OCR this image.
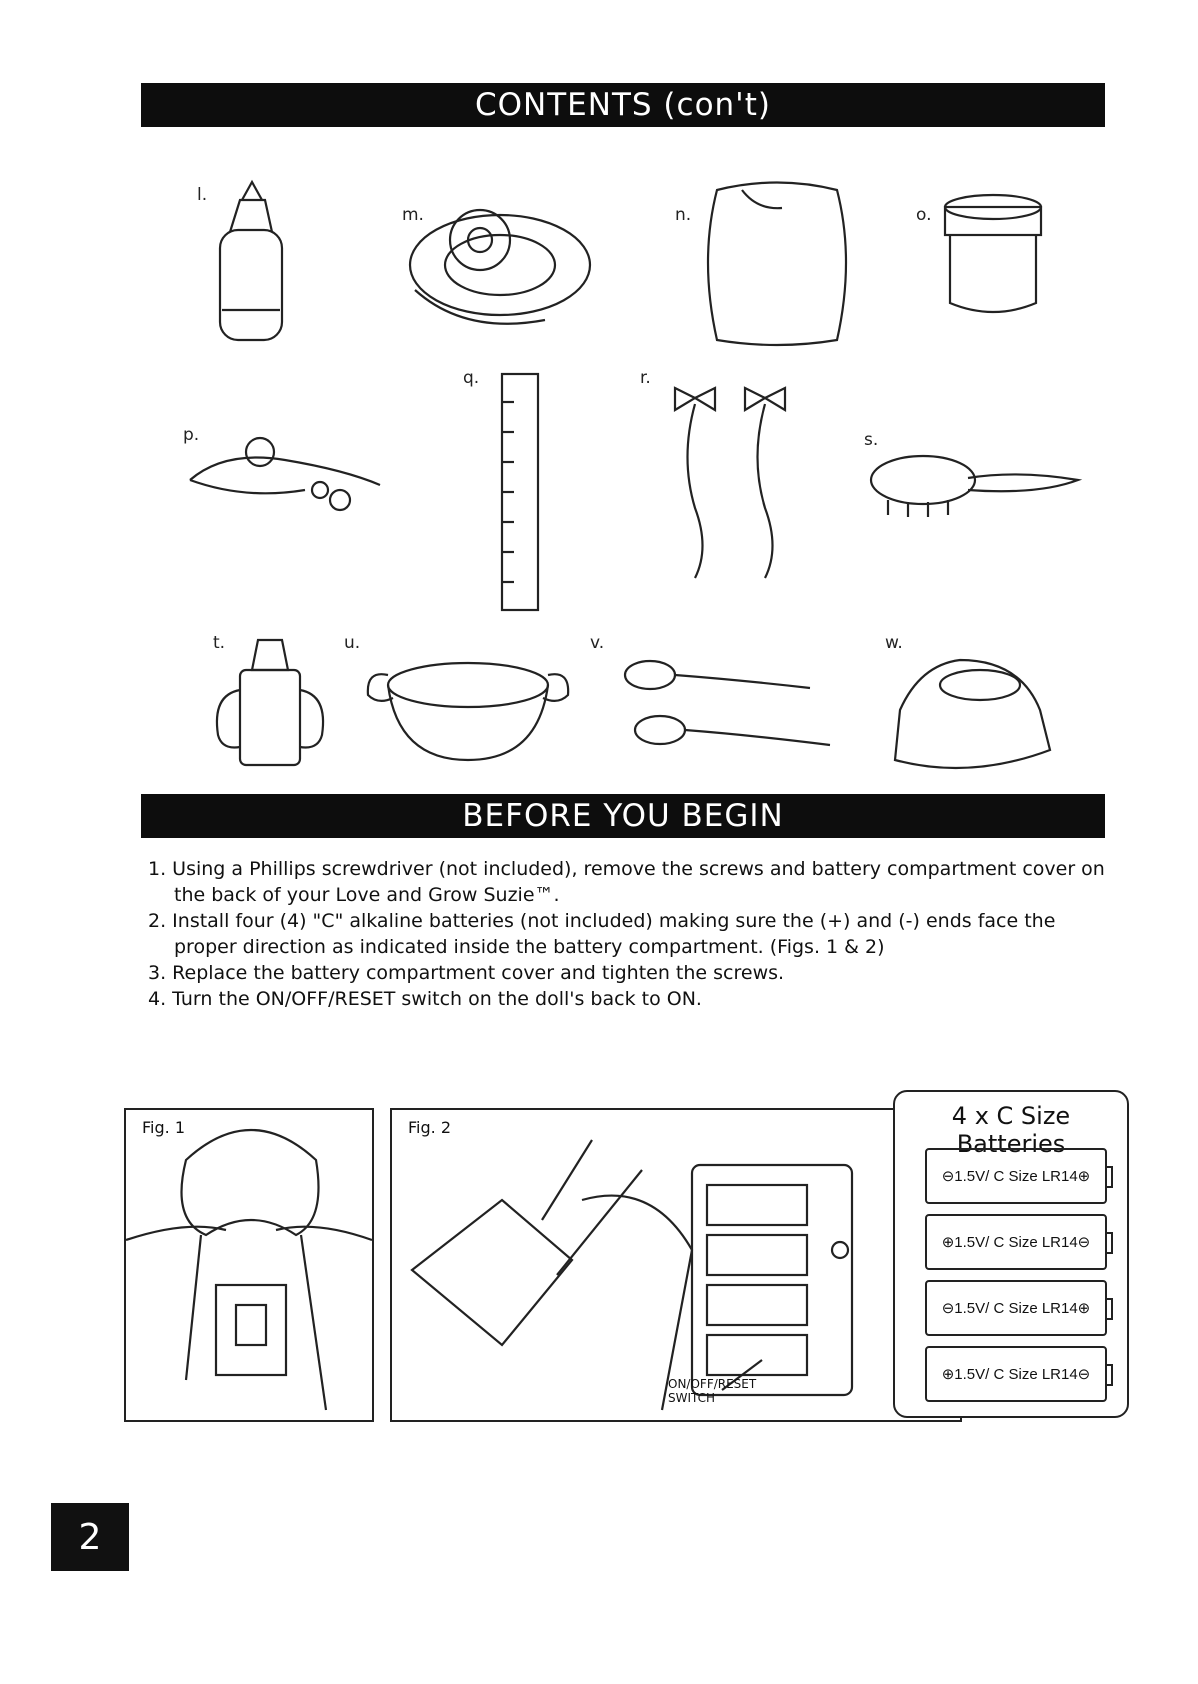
CONTENTS (con't)
l.
m.	n.	o.
p.
q.	r.
s.
t.	u.	v.	w.
BEFORE YOU BEGIN
1. Using a Phillips screwdriver (not included), remove the screws and battery compartment cover on the back of your Love and Grow Suzie™.
2. Install four (4) "C" alkaline batteries (not included) making sure the (+) and (-) ends face the proper direction as indicated inside the battery compartment. (Figs. 1 & 2)
3. Replace the battery compartment cover and tighten the screws.
4. Turn the ON/OFF/RESET switch on the doll's back to ON.
Fig. 1	Fig. 2
ON/OFF/RESET
SWITCH
4 x C Size Batteries
⊖1.5V/ C Size LR14⊕
⊕1.5V/ C Size LR14⊖
⊖1.5V/ C Size LR14⊕
⊕1.5V/ C Size LR14⊖
2
